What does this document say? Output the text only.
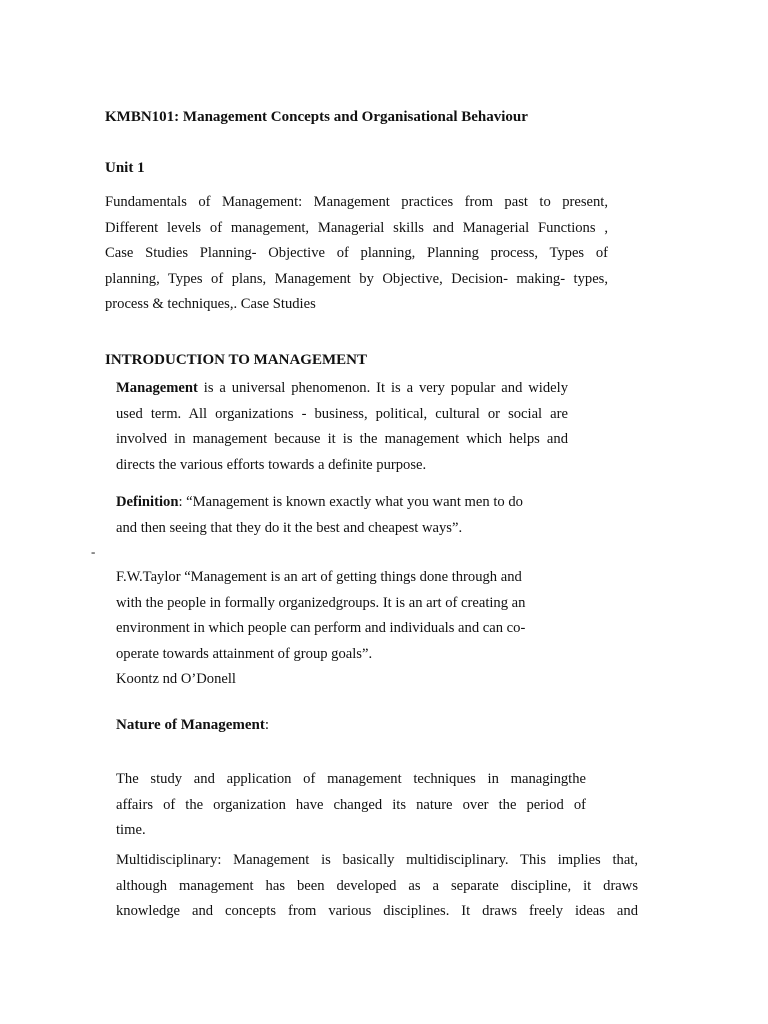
KMBN101: Management Concepts and Organisational Behaviour
Unit 1
Fundamentals of Management: Management practices from past to present,
Different levels of management, Managerial skills and Managerial Functions ,
Case Studies Planning- Objective of planning, Planning process, Types of
planning, Types of plans, Management by Objective, Decision- making- types,
process & techniques,. Case Studies
INTRODUCTION TO MANAGEMENT
Management is a universal phenomenon. It is a very popular and widely
used term. All organizations - business, political, cultural or social are
involved in management because it is the management which helps and
directs the various efforts towards a definite purpose.
Definition: “Management is known exactly what you want men to do
and then seeing that they do it the best and cheapest ways”.
-
F.W.Taylor “Management is an art of getting things done through and
with the people in formally organizedgroups. It is an art of creating an
environment in which people can perform and individuals and can co-
operate towards attainment of group goals”.
Koontz nd O’Donell
Nature of Management:
The study and application of management techniques in managingthe
affairs of the organization have changed its nature over the period of
time.
Multidisciplinary: Management is basically multidisciplinary. This implies that,
although management has been developed as a separate discipline, it draws
knowledge and concepts from various disciplines. It draws freely ideas and
